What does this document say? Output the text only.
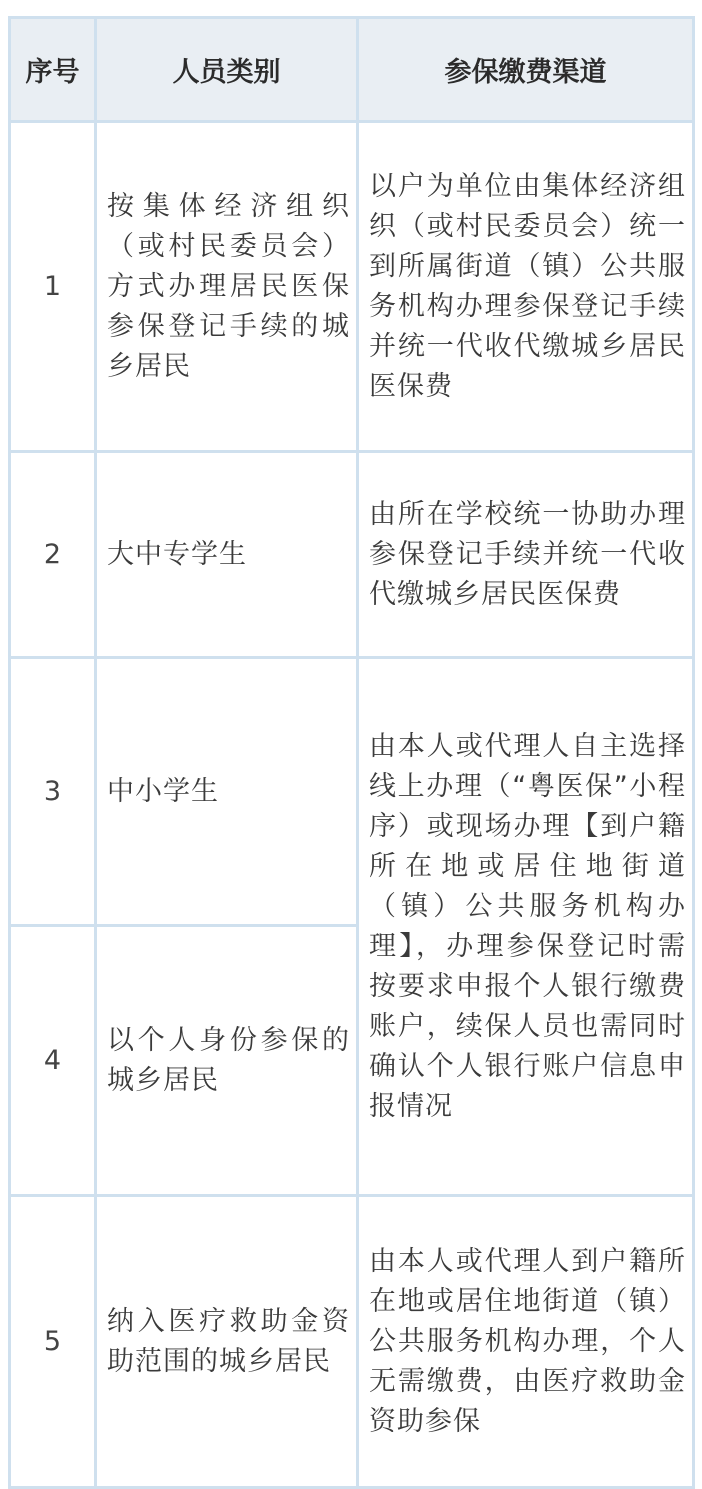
序号	人员类别	参保缴费渠道
1	按集体经济组织（或村民委员会）方式办理居民医保参保登记手续的城乡居民	以户为单位由集体经济组织（或村民委员会）统一到所属街道（镇）公共服务机构办理参保登记手续并统一代收代缴城乡居民医保费
2	大中专学生	由所在学校统一协助办理参保登记手续并统一代收代缴城乡居民医保费
3	中小学生	由本人或代理人自主选择线上办理（“粤医保”小程序）或现场办理【到户籍所在地或居住地街道（镇）公共服务机构办理】，办理参保登记时需按要求申报个人银行缴费账户，续保人员也需同时确认个人银行账户信息申报情况
4	以个人身份参保的城乡居民	
5	纳入医疗救助金资助范围的城乡居民	由本人或代理人到户籍所在地或居住地街道（镇）公共服务机构办理，个人无需缴费，由医疗救助金资助参保
